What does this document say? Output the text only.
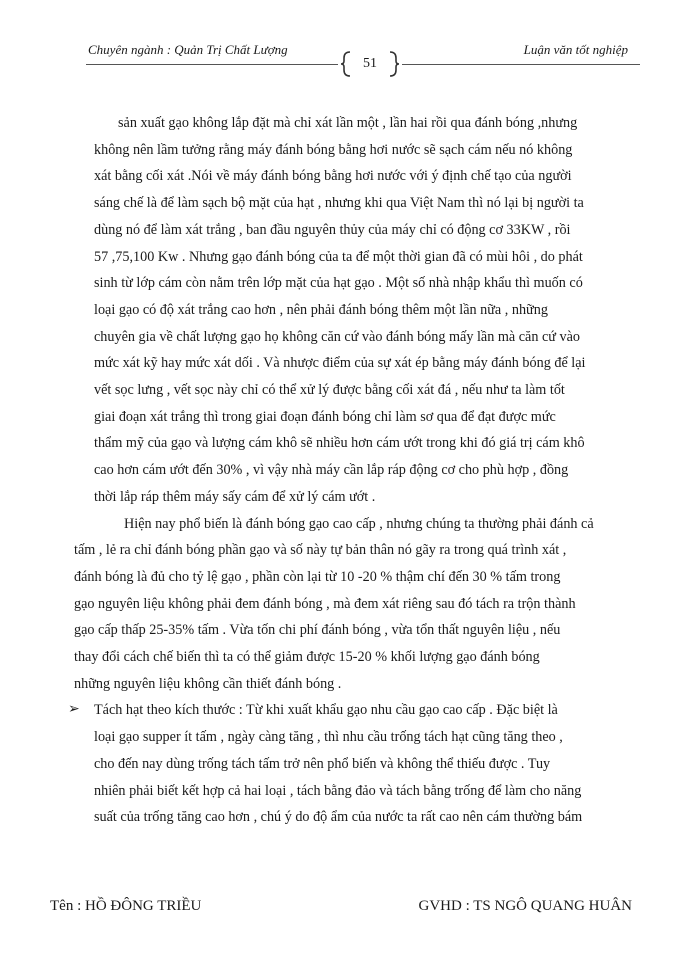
Chuyên ngành : Quản Trị Chất Lượng
51
Luận văn tốt nghiệp
sản xuất gạo không lắp đặt mà chỉ xát lần một , lần hai rồi qua đánh bóng ,nhưng
không nên lầm tưởng rằng máy đánh bóng bằng hơi nước sẽ sạch cám nếu nó không
xát bằng cối xát .Nói về máy đánh bóng bằng hơi nước với ý định chế tạo của người
sáng chế là để làm sạch bộ mặt của hạt , nhưng khi qua Việt Nam thì nó lại bị người ta
dùng nó để làm xát trắng , ban đầu nguyên thủy của máy chỉ có động cơ 33KW , rồi
57 ,75,100 Kw . Nhưng gạo đánh bóng của ta để một thời gian đã có mùi hôi , do phát
sinh từ lớp cám còn nằm trên lớp mặt của hạt gạo . Một số nhà nhập khẩu thì muốn có
loại gạo có độ xát trắng cao hơn , nên phải đánh bóng thêm một lần nữa , những
chuyên gia về chất lượng gạo họ không căn cứ vào đánh bóng mấy lần mà căn cứ vào
mức xát kỹ hay mức xát dối . Và nhược điểm của sự xát ép bằng máy đánh bóng để lại
vết sọc lưng , vết sọc này chỉ có thể xử lý được bằng cối xát đá , nếu như ta làm tốt
giai đoạn xát trắng thì trong giai đoạn đánh bóng chỉ làm sơ qua để đạt được mức
thẩm mỹ của gạo và lượng cám khô sẽ nhiều hơn cám ướt trong khi đó giá trị cám khô
cao hơn cám ướt đến 30% , vì vậy nhà máy cần lắp ráp động cơ cho phù hợp , đồng
thời lắp ráp thêm máy sấy cám để xử lý cám ướt .
Hiện nay phổ biến là đánh bóng gạo cao cấp , nhưng chúng ta thường phải đánh cả
tấm , lẻ ra chỉ đánh bóng phần gạo và số này tự bản thân nó gãy ra trong quá trình xát ,
đánh bóng là đủ cho tỷ lệ gạo , phần còn lại từ 10 -20 % thậm chí đến 30 % tấm trong
gạo nguyên liệu không phải đem đánh bóng , mà đem xát riêng sau đó tách ra trộn thành
gạo cấp thấp 25-35% tấm . Vừa tốn chi phí đánh bóng , vừa tổn thất nguyên liệu , nếu
thay đổi cách chế biến thì ta có thể giảm được 15-20 % khối lượng gạo đánh bóng
những nguyên liệu không cần thiết đánh bóng .
➢ Tách hạt theo kích thước : Từ khi xuất khẩu gạo nhu cầu gạo cao cấp . Đặc biệt là
loại gạo supper ít tấm , ngày càng tăng , thì nhu cầu trống tách hạt cũng tăng theo ,
cho đến nay dùng trống tách tấm trở nên phổ biến và không thể thiếu được . Tuy
nhiên phải biết kết hợp cả hai loại , tách bằng đảo và tách bằng trống để làm cho năng
suất của trống tăng cao hơn , chú ý do độ ẩm của nước ta rất cao nên cám thường bám
Tên : HỒ ĐÔNG TRIỀU	GVHD : TS NGÔ QUANG HUÂN
